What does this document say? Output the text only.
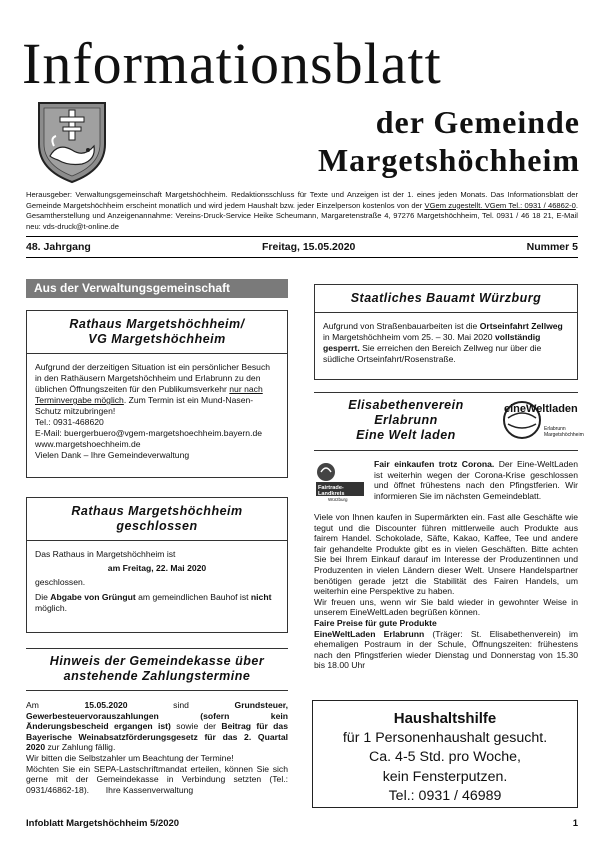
Informationsblatt
der Gemeinde
Margetshöchheim
Herausgeber: Verwaltungsgemeinschaft Margetshöchheim. Redaktionsschluss für Texte und Anzeigen ist der 1. eines jeden Monats. Das Informationsblatt der Gemeinde Margetshöchheim erscheint monatlich und wird jedem Haushalt bzw. jeder Einzelperson kostenlos von der VGem zugestellt. VGem Tel.: 0931 / 46862-0. Gesamtherstellung und Anzeigenannahme: Vereins-Druck-Service Heike Scheumann, Margaretenstraße 4, 97276 Margetshöchheim, Tel. 0931 / 46 18 21, E-Mail neu: vds-druck@t-online.de
48. Jahrgang	Freitag, 15.05.2020	Nummer 5
Aus der Verwaltungsgemeinschaft
Rathaus Margetshöchheim/
VG Margetshöchheim

Aufgrund der derzeitigen Situation ist ein persönlicher Besuch in den Rathäusern Margetshöchheim und Erlabrunn zu den üblichen Öffnungszeiten für den Publikumsverkehr nur nach Terminvergabe möglich. Zum Termin ist ein Mund-Nasen-Schutz mitzubringen!

Tel.: 0931-468620

E-Mail: buergerbuero@vgem-margetshoechheim.bayern.de

www.margetshoechheim.de

Vielen Dank – Ihre Gemeindeverwaltung

Rathaus Margetshöchheim
geschlossen

Das Rathaus in Margetshöchheim ist

am Freitag, 22. Mai 2020

geschlossen.

Die Abgabe von Grüngut am gemeindlichen Bauhof ist nicht möglich.

Hinweis der Gemeindekasse über
anstehende Zahlungstermine

Am 15.05.2020 sind Grundsteuer, Gewerbesteuervorauszahlungen (sofern kein Änderungsbescheid ergangen ist) sowie der Beitrag für das Bayerische Weinabsatzförderungsgesetz für das 2. Quartal 2020 zur Zahlung fällig.

Wir bitten die Selbstzahler um Beachtung der Termine!

Möchten Sie ein SEPA-Lastschriftmandat erteilen, können Sie sich gerne mit der Gemeindekasse in Verbindung setzten (Tel.: 0931/46862-18). Ihre Kassenverwaltung

Staatliches Bauamt Würzburg

Aufgrund von Straßenbauarbeiten ist die Ortseinfahrt Zellweg in Margetshöchheim vom 25. – 30. Mai 2020 vollständig gesperrt. Sie erreichen den Bereich Zellweg nur über die südliche Ortseinfahrt/Rosenstraße.

Elisabethenverein
Erlabrunn
Eine Welt laden
eineWeltladen
Erlabrunn
Margetshöchheim
Fairtrade-
Landkreis
Würzburg
Fair einkaufen trotz Corona. Der Eine-WeltLaden ist weiterhin wegen der Corona-Krise geschlossen und öffnet frühestens nach den Pfingstferien. Wir informieren Sie im nächsten Gemeindeblatt.

Viele von Ihnen kaufen in Supermärkten ein. Fast alle Geschäfte wie tegut und die Discounter führen mittlerweile auch Produkte aus fairem Handel. Schokolade, Säfte, Kakao, Kaffee, Tee und andere fair gehandelte Produkte gibt es in vielen Geschäften. Bitte achten Sie bei Ihrem Einkauf darauf im Interesse der Produzentinnen und Produzenten in vielen Ländern dieser Welt. Unsere Handelspartner benötigen gerade jetzt die Stabilität des Fairen Handels, um weiterhin eine Perspektive zu haben.

Wir freuen uns, wenn wir Sie bald wieder in gewohnter Weise in unserem EineWeltLaden begrüßen können.

Faire Preise für gute Produkte

EineWeltLaden Erlabrunn (Träger: St. Elisabethenverein) im ehemaligen Postraum in der Schule, Öffnungszeiten: frühestens nach den Pfingstferien wieder Dienstag und Donnerstag von 15.30 bis 18.00 Uhr

Haushaltshilfe
für 1 Personenhaushalt gesucht.
Ca. 4-5 Std. pro Woche,
kein Fensterputzen.
Tel.: 0931 / 46989
Infoblatt Margetshöchheim 5/2020	1
